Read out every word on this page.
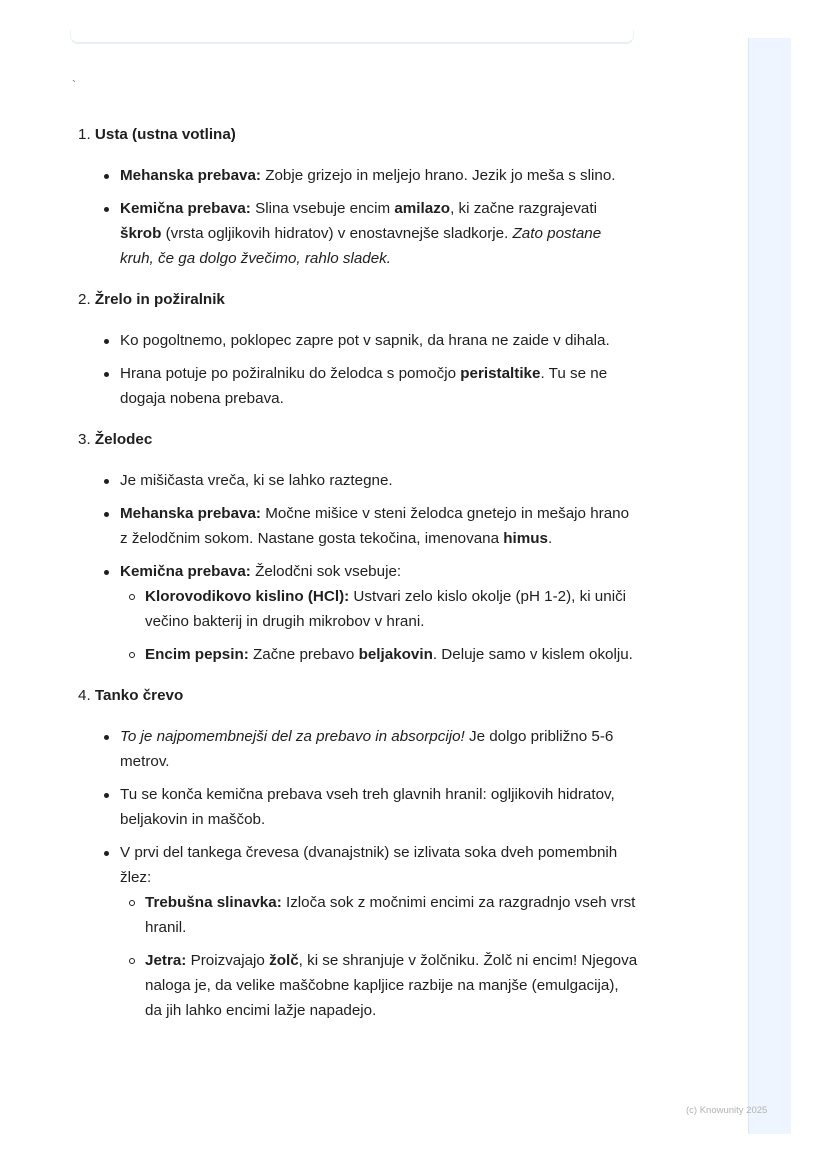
`
1. Usta (ustna votlina)
Mehanska prebava: Zobje grizejo in meljejo hrano. Jezik jo meša s slino.
Kemična prebava: Slina vsebuje encim amilazo, ki začne razgrajevati škrob (vrsta ogljikovih hidratov) v enostavnejše sladkorje. Zato postane kruh, če ga dolgo žvečimo, rahlo sladek.
2. Žrelo in požiralnik
Ko pogoltnemo, poklopec zapre pot v sapnik, da hrana ne zaide v dihala.
Hrana potuje po požiralniku do želodca s pomočjo peristaltike. Tu se ne dogaja nobena prebava.
3. Želodec
Je mišičasta vreča, ki se lahko raztegne.
Mehanska prebava: Močne mišice v steni želodca gnetejo in mešajo hrano z želodčnim sokom. Nastane gosta tekočina, imenovana himus.
Kemična prebava: Želodčni sok vsebuje:
Klorovodikovo kislino (HCl): Ustvari zelo kislo okolje (pH 1-2), ki uniči večino bakterij in drugih mikrobov v hrani.
Encim pepsin: Začne prebavo beljakovin. Deluje samo v kislem okolju.
4. Tanko črevo
To je najpomembnejši del za prebavo in absorpcijo! Je dolgo približno 5-6 metrov.
Tu se konča kemična prebava vseh treh glavnih hranil: ogljikovih hidratov, beljakovin in maščob.
V prvi del tankega črevesa (dvanajstnik) se izlivata soka dveh pomembnih žlez:
Trebušna slinavka: Izloča sok z močnimi encimi za razgradnjo vseh vrst hranil.
Jetra: Proizvajajo žolč, ki se shranjuje v žolčniku. Žolč ni encim! Njegova naloga je, da velike maščobne kapljice razbije na manjše (emulgacija), da jih lahko encimi lažje napadejo.
(c) Knowunity 2025
